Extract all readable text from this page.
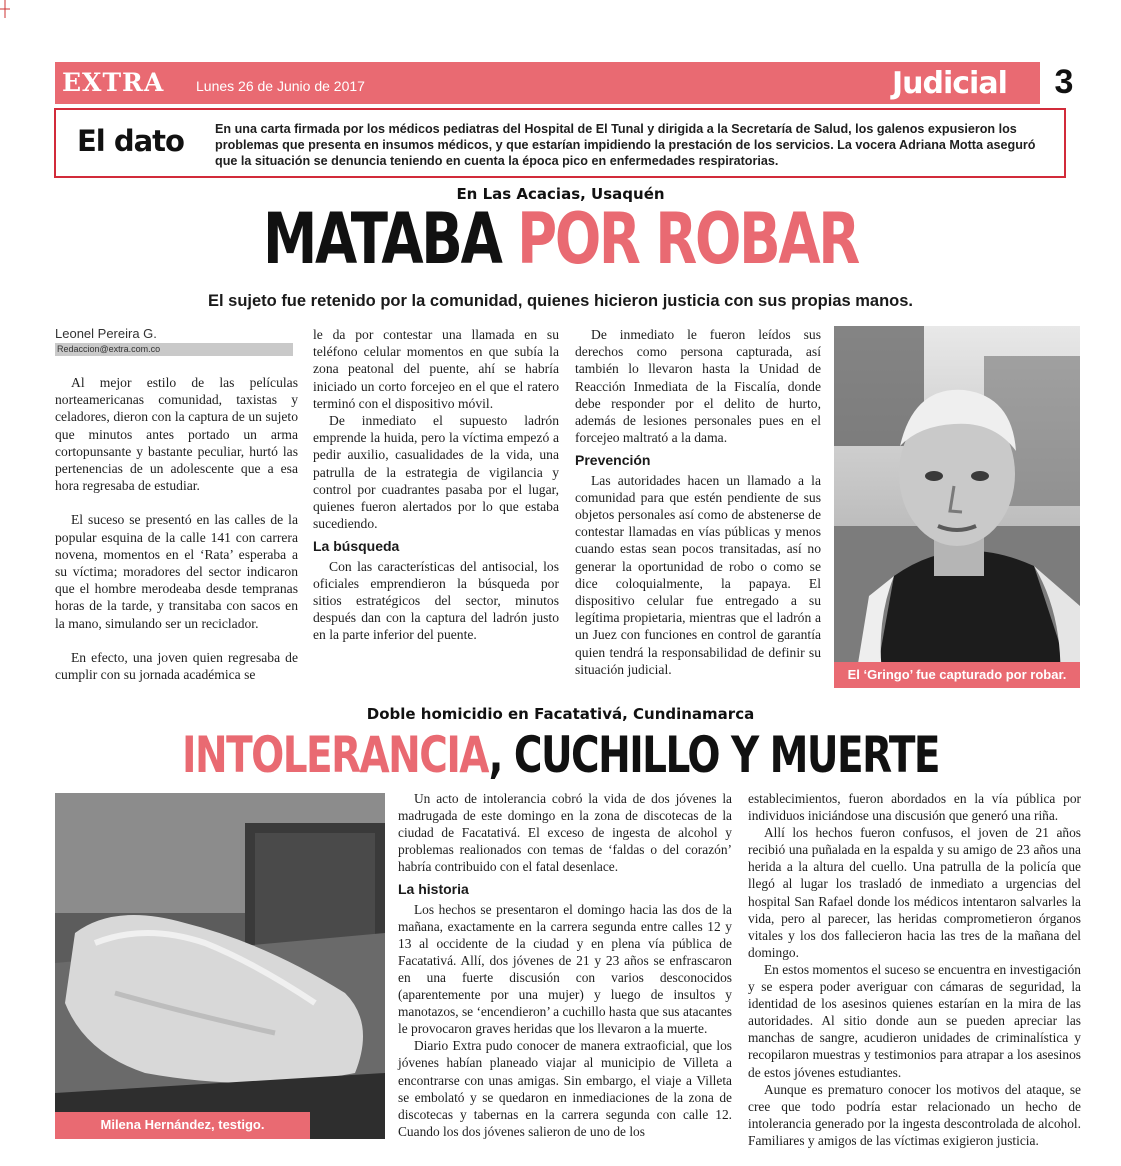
EXTRA Lunes 26 de Junio de 2017	Judicial	3
El dato En una carta firmada por los médicos pediatras del Hospital de El Tunal y dirigida a la Secretaría de Salud, los galenos expusieron los problemas que presenta en insumos médicos, y que estarían impidiendo la prestación de los servicios. La vocera Adriana Motta aseguró que la situación se denuncia teniendo en cuenta la época pico en enfermedades respiratorias.
En Las Acacias, Usaquén
MATABA POR ROBAR
El sujeto fue retenido por la comunidad, quienes hicieron justicia con sus propias manos.
Leonel Pereira G.
Redaccion@extra.com.co

Al mejor estilo de las películas norteamericanas comunidad, taxistas y celadores, dieron con la captura de un sujeto que minutos antes portado un arma cortopunsante y bastante peculiar, hurtó las pertenencias de un adolescente que a esa hora regresaba de estudiar.

El suceso se presentó en las calles de la popular esquina de la calle 141 con carrera novena, momentos en el ‘Rata’ esperaba a su víctima; moradores del sector indicaron que el hombre merodeaba desde tempranas horas de la tarde, y transitaba con sacos en la mano, simulando ser un reciclador.

En efecto, una joven quien regresaba de cumplir con su jornada académica se

le da por contestar una llamada en su teléfono celular momentos en que subía la zona peatonal del puente, ahí se habría iniciado un corto forcejeo en el que el ratero terminó con el dispositivo móvil.

De inmediato el supuesto ladrón emprende la huida, pero la víctima empezó a pedir auxilio, casualidades de la vida, una patrulla de la estrategia de vigilancia y control por cuadrantes pasaba por el lugar, quienes fueron alertados por lo que estaba sucediendo.

La búsqueda

Con las características del antisocial, los oficiales emprendieron la búsqueda por sitios estratégicos del sector, minutos después dan con la captura del ladrón justo en la parte inferior del puente.

De inmediato le fueron leídos sus derechos como persona capturada, así también lo llevaron hasta la Unidad de Reacción Inmediata de la Fiscalía, donde debe responder por el delito de hurto, además de lesiones personales pues en el forcejeo maltrató a la dama.

Prevención

Las autoridades hacen un llamado a la comunidad para que estén pendiente de sus objetos personales así como de abstenerse de contestar llamadas en vías públicas y menos cuando estas sean pocos transitadas, así no generar la oportunidad de robo o como se dice coloquialmente, la papaya. El dispositivo celular fue entregado a su legítima propietaria, mientras que el ladrón a un Juez con funciones en control de garantía quien tendrá la responsabilidad de definir su situación judicial.	El ‘Gringo’ fue capturado por robar.
Doble homicidio en Facatativá, Cundinamarca
INTOLERANCIA, CUCHILLO Y MUERTE
Milena Hernández, testigo.

Un acto de intolerancia cobró la vida de dos jóvenes la madrugada de este domingo en la zona de discotecas de la ciudad de Facatativá. El exceso de ingesta de alcohol y problemas realionados con temas de ‘faldas o del corazón’ habría contribuido con el fatal desenlace.

La historia

Los hechos se presentaron el domingo hacia las dos de la mañana, exactamente en la carrera segunda entre calles 12 y 13 al occidente de la ciudad y en plena vía pública de Facatativá. Allí, dos jóvenes de 21 y 23 años se enfrascaron en una fuerte discusión con varios desconocidos (aparentemente por una mujer) y luego de insultos y manotazos, se ‘encendieron’ a cuchillo hasta que sus atacantes le provocaron graves heridas que los llevaron a la muerte.

Diario Extra pudo conocer de manera extraoficial, que los jóvenes habían planeado viajar al municipio de Villeta a encontrarse con unas amigas. Sin embargo, el viaje a Villeta se embolató y se quedaron en inmediaciones de la zona de discotecas y tabernas en la carrera segunda con calle 12. Cuando los dos jóvenes salieron de uno de los

establecimientos, fueron abordados en la vía pública por individuos iniciándose una discusión que generó una riña.

Allí los hechos fueron confusos, el joven de 21 años recibió una puñalada en la espalda y su amigo de 23 años una herida a la altura del cuello. Una patrulla de la policía que llegó al lugar los trasladó de inmediato a urgencias del hospital San Rafael donde los médicos intentaron salvarles la vida, pero al parecer, las heridas comprometieron órganos vitales y los dos fallecieron hacia las tres de la mañana del domingo.

En estos momentos el suceso se encuentra en investigación y se espera poder averiguar con cámaras de seguridad, la identidad de los asesinos quienes estarían en la mira de las autoridades. Al sitio donde aun se pueden apreciar las manchas de sangre, acudieron unidades de criminalística y recopilaron muestras y testimonios para atrapar a los asesinos de estos jóvenes estudiantes.

Aunque es prematuro conocer los motivos del ataque, se cree que todo podría estar relacionado un hecho de intolerancia generado por la ingesta descontrolada de alcohol. Familiares y amigos de las víctimas exigieron justicia.
